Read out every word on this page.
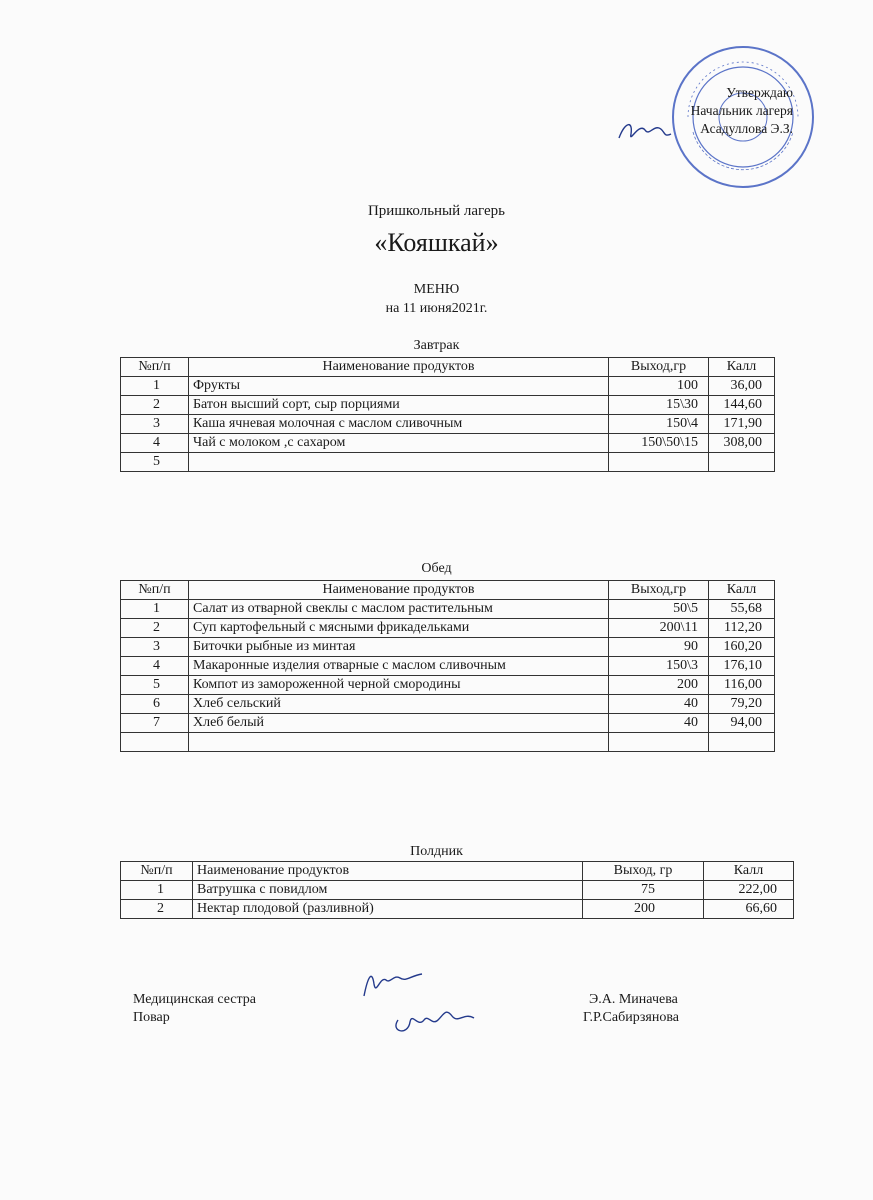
Утверждаю
Начальник лагеря
Асадуллова Э.З.
Пришкольный лагерь
«Кояшкай»
МЕНЮ
на 11 июня2021г.
Завтрак
№п/п	Наименование продуктов	Выход,гр	Калл
1	Фрукты	100	36,00
2	Батон высший сорт, сыр порциями	15\30	144,60
3	Каша ячневая молочная с маслом сливочным	150\4	171,90
4	Чай с молоком ,с сахаром	150\50\15	308,00
5			
Обед
№п/п	Наименование продуктов	Выход,гр	Калл
1	Салат из отварной свеклы с маслом растительным	50\5	55,68
2	Суп картофельный с мясными фрикадельками	200\11	112,20
3	Биточки рыбные из минтая	90	160,20
4	Макаронные изделия отварные с маслом сливочным	150\3	176,10
5	Компот из замороженной черной смородины	200	116,00
6	Хлеб сельский	40	79,20
7	Хлеб белый	40	94,00

Полдник
№п/п	Наименование продуктов	Выход, гр	Калл
1	Ватрушка с повидлом	75	222,00
2	Нектар плодовой (разливной)	200	66,60
Медицинская сестра
Повар
Э.А. Миначева
Г.Р.Сабирзянова
